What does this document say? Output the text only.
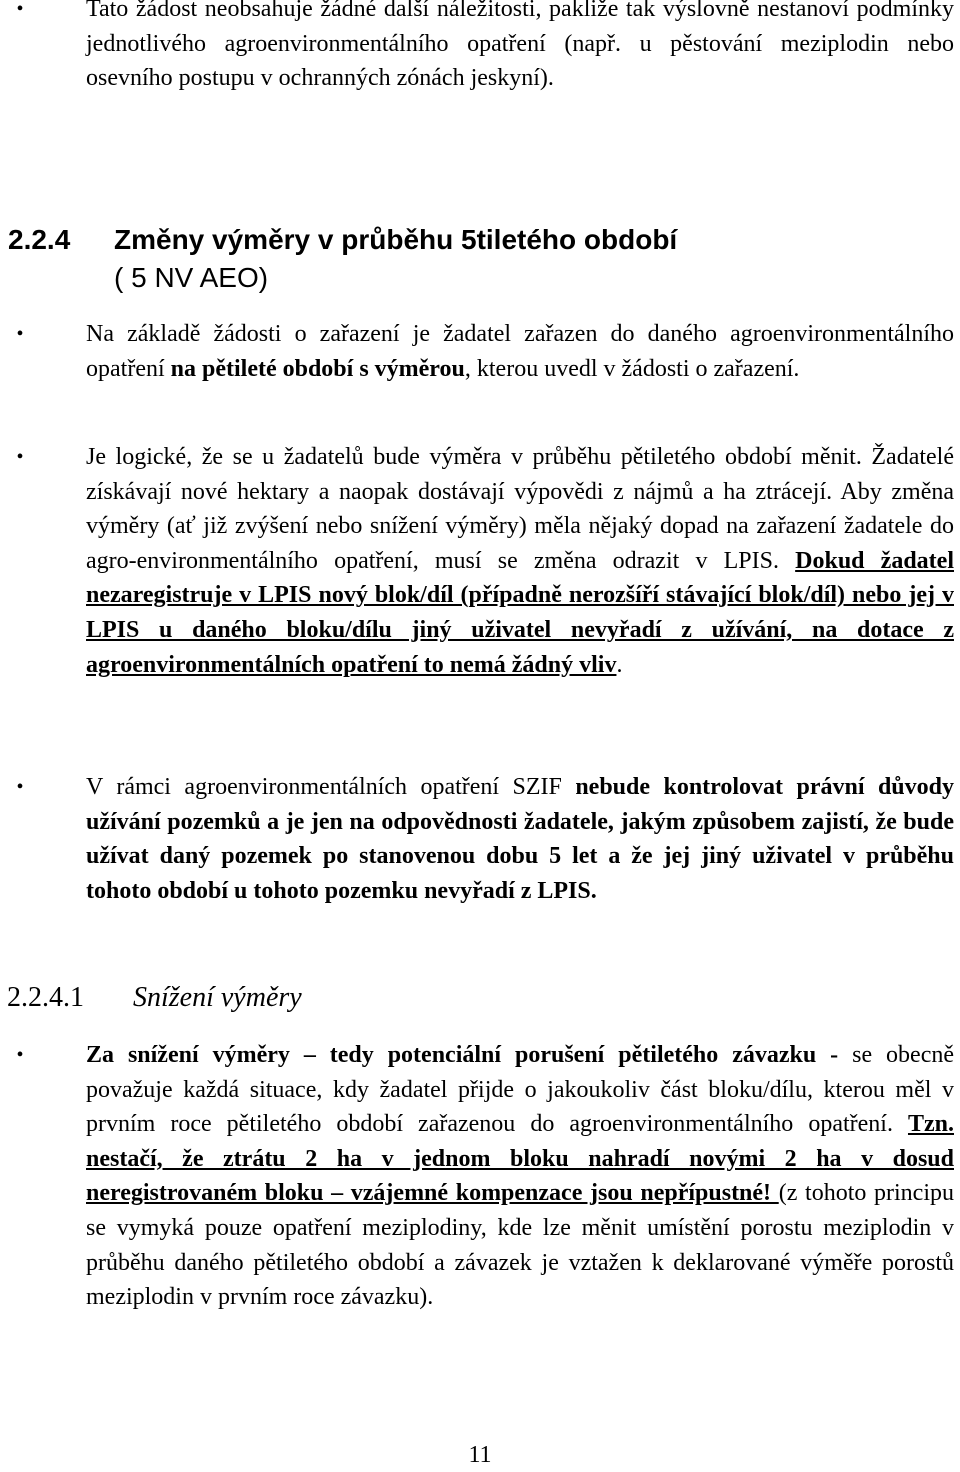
•	Tato žádost neobsahuje žádné další náležitosti, pakliže tak výslovně nestanoví podmínky jednotlivého agroenvironmentálního opatření (např. u pěstování meziplodin nebo osevního postupu v ochranných zónách jeskyní).
2.2.4 Změny výměry v průběhu 5tiletého období
( 5 NV AEO)
•	Na základě žádosti o zařazení je žadatel zařazen do daného agroenvironmentálního opatření na pětileté období s výměrou, kterou uvedl v žádosti o zařazení.
•	Je logické, že se u žadatelů bude výměra v průběhu pětiletého období měnit. Žadatelé získávají nové hektary a naopak dostávají výpovědi z nájmů a ha ztrácejí. Aby změna výměry (ať již zvýšení nebo snížení výměry) měla nějaký dopad na zařazení žadatele do agro-environmentálního opatření, musí se změna odrazit v LPIS. Dokud žadatel nezaregistruje v LPIS nový blok/díl (případně nerozšíří stávající blok/díl) nebo jej v LPIS u daného bloku/dílu jiný uživatel nevyřadí z užívání, na dotace z agroenvironmentálních opatření to nemá žádný vliv.
•	V rámci agroenvironmentálních opatření SZIF nebude kontrolovat právní důvody užívání pozemků a je jen na odpovědnosti žadatele, jakým způsobem zajistí, že bude užívat daný pozemek po stanovenou dobu 5 let a že jej jiný uživatel v průběhu tohoto období u tohoto pozemku nevyřadí z LPIS.
2.2.4.1 Snížení výměry
•	Za snížení výměry – tedy potenciální porušení pětiletého závazku - se obecně považuje každá situace, kdy žadatel přijde o jakoukoliv část bloku/dílu, kterou měl v prvním roce pětiletého období zařazenou do agroenvironmentálního opatření. Tzn. nestačí, že ztrátu 2 ha v jednom bloku nahradí novými 2 ha v dosud neregistrovaném bloku – vzájemné kompenzace jsou nepřípustné! (z tohoto principu se vymyká pouze opatření meziplodiny, kde lze měnit umístění porostu meziplodin v průběhu daného pětiletého období a závazek je vztažen k deklarované výměře porostů meziplodin v prvním roce závazku).
11
